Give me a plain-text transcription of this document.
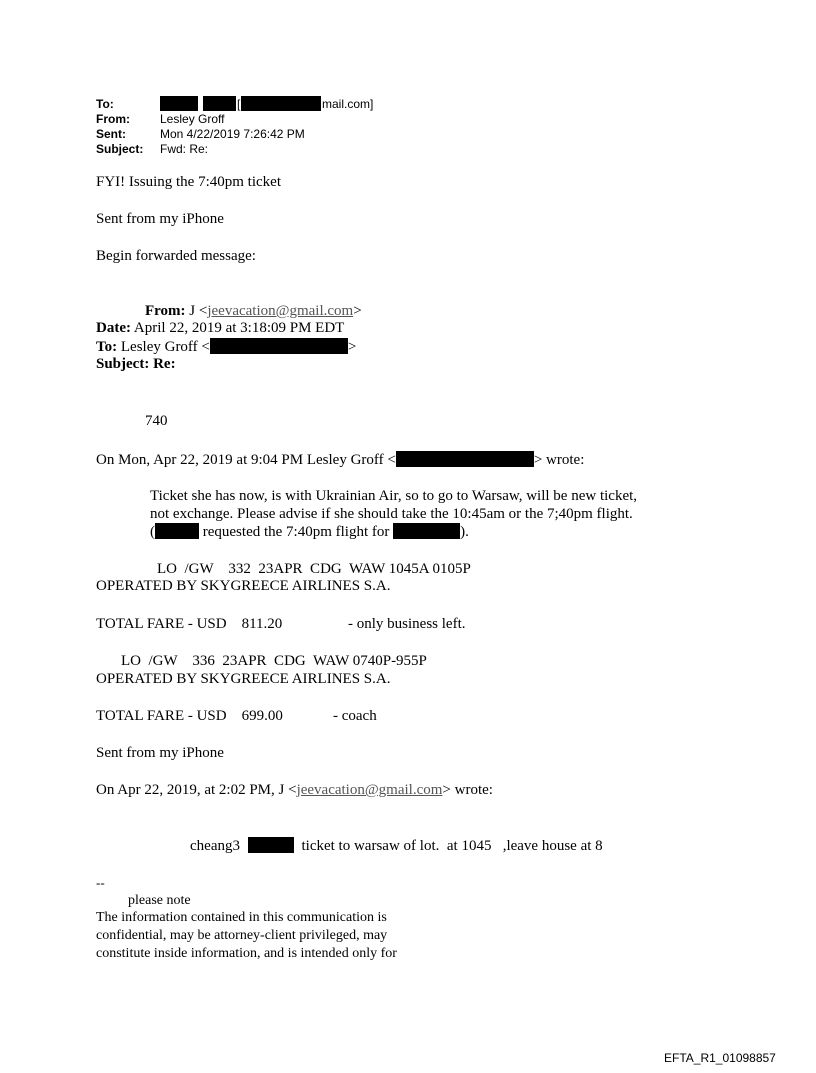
To:	[	mail.com]
From:	Lesley Groff
Sent:	Mon 4/22/2019 7:26:42 PM
Subject: Fwd: Re:
FYI! Issuing the 7:40pm ticket
Sent from my iPhone
Begin forwarded message:
From: J <jeevacation@gmail.com>
Date: April 22, 2019 at 3:18:09 PM EDT
To: Lesley Groff <	>
Subject: Re:
740
On Mon, Apr 22, 2019 at 9:04 PM Lesley Groff <	> wrote:
Ticket she has now, is with Ukrainian Air, so to go to Warsaw, will be new ticket,
not exchange. Please advise if she should take the 10:45am or the 7;40pm flight.
(	requested the 7:40pm flight for	).
LO  /GW    332  23APR  CDG  WAW 1045A 0105P
OPERATED BY SKYGREECE AIRLINES S.A.
TOTAL FARE - USD    811.20	- only business left.
LO  /GW    336  23APR  CDG  WAW 0740P-955P
OPERATED BY SKYGREECE AIRLINES S.A.
TOTAL FARE - USD    699.00	- coach
Sent from my iPhone
On Apr 22, 2019, at 2:02 PM, J <jeevacation@gmail.com> wrote:
cheang3	ticket to warsaw of lot.  at 1045   ,leave house at 8
--
please note
The information contained in this communication is
confidential, may be attorney-client privileged, may
constitute inside information, and is intended only for
EFTA_R1_01098857
